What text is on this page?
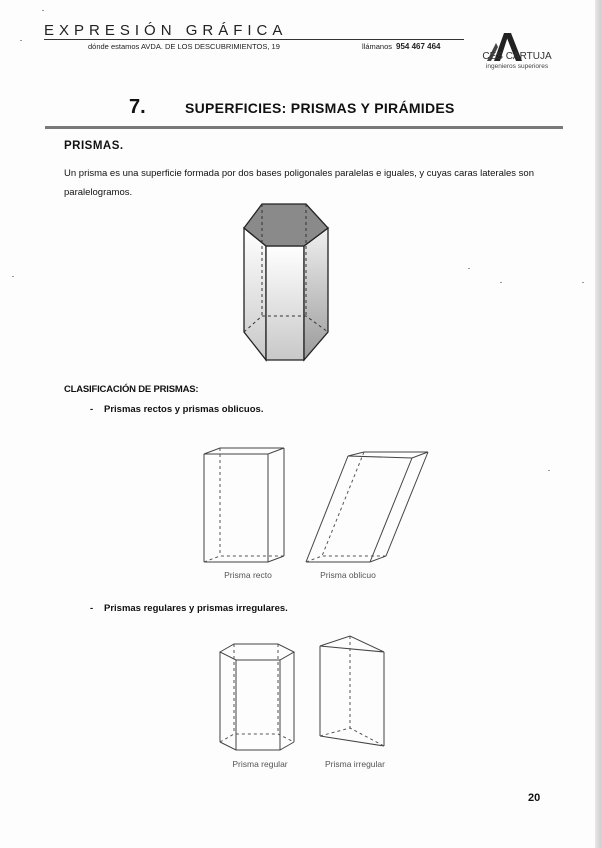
EXPRESIÓN GRÁFICA
dónde estamos AVDA. DE LOS DESCUBRIMIENTOS, 19	llámanos 954 467 464
CES CARTUJA
ingenieros superiores
7.	SUPERFICIES: PRISMAS Y PIRÁMIDES
PRISMAS.
Un prisma es una superficie formada por dos bases poligonales paralelas e iguales, y cuyas caras laterales son paralelogramos.
CLASIFICACIÓN DE PRISMAS:
- Prismas rectos y prismas oblicuos.
Prisma recto	Prisma oblicuo
- Prismas regulares y prismas irregulares.
Prisma regular	Prisma irregular
20
